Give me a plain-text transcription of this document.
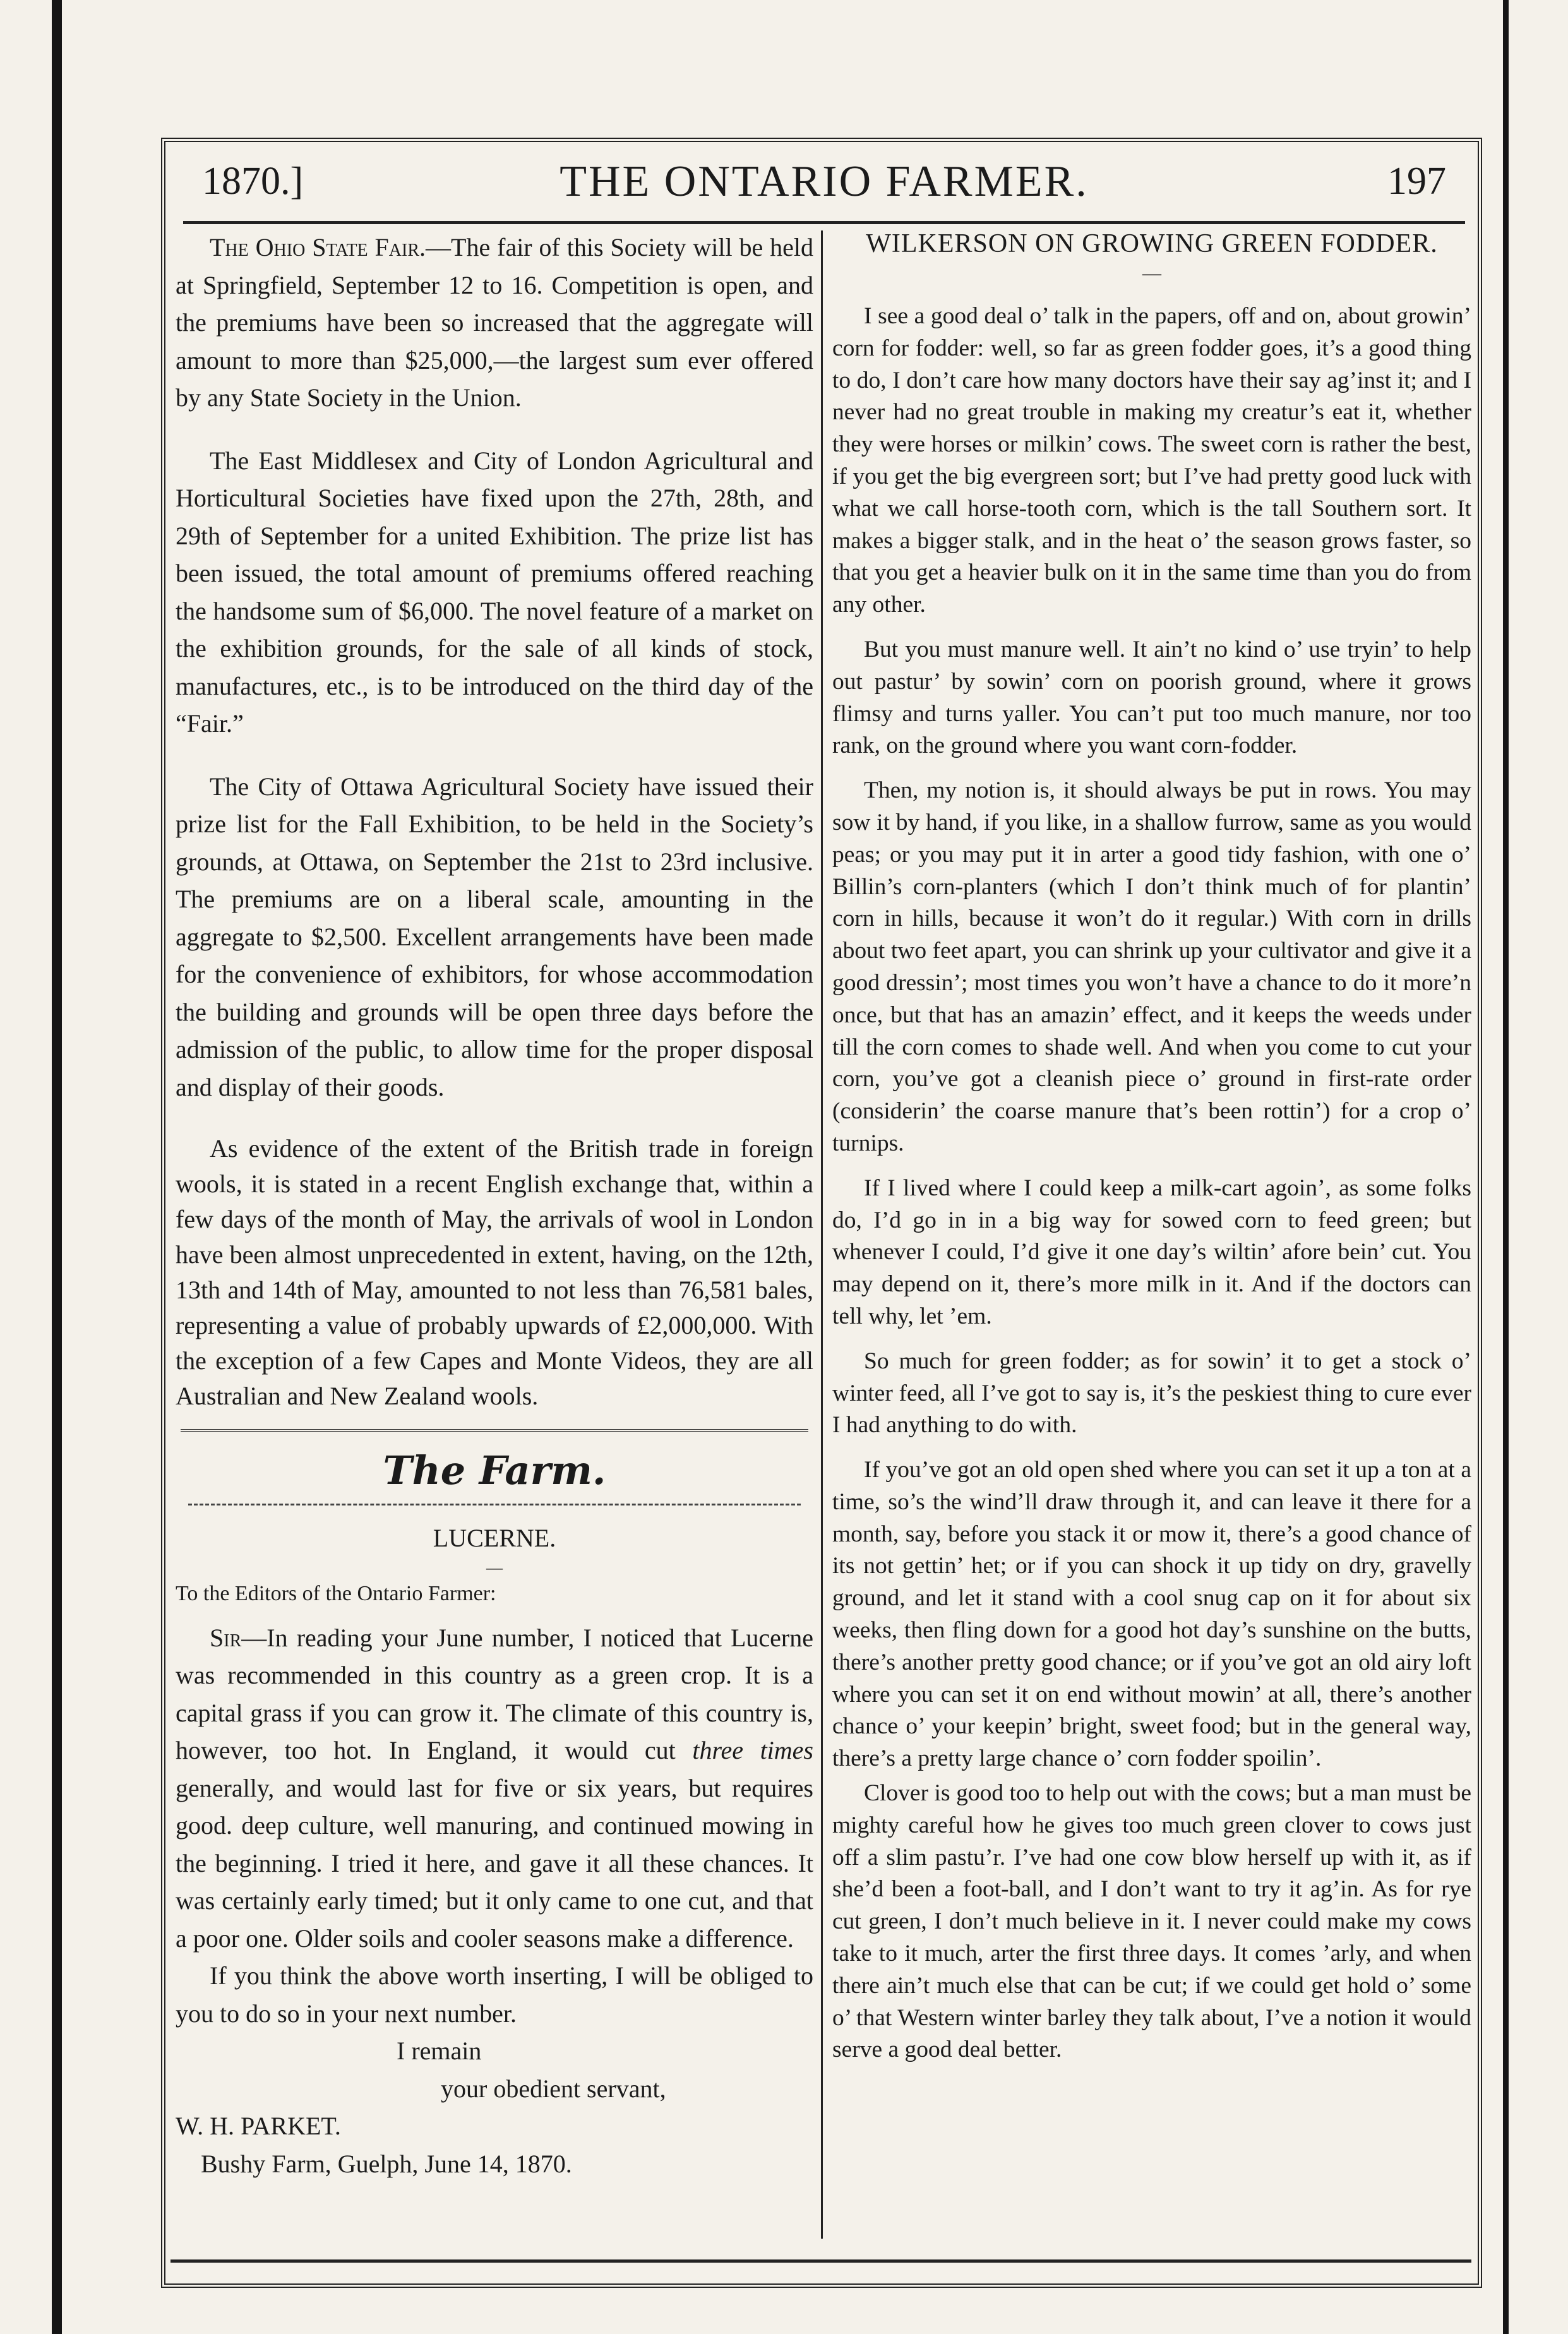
1870.]	THE ONTARIO FARMER.	197

The Ohio State Fair.—The fair of this Society will be held at Springfield, September 12 to 16. Competition is open, and the premiums have been so increased that the aggregate will amount to more than $25,000,—the largest sum ever offered by any State Society in the Union.

The East Middlesex and City of London Agricultural and Horticultural Societies have fixed upon the 27th, 28th, and 29th of September for a united Exhibition. The prize list has been issued, the total amount of premiums offered reaching the handsome sum of $6,000. The novel feature of a market on the exhibition grounds, for the sale of all kinds of stock, manufactures, etc., is to be introduced on the third day of the “Fair.”

The City of Ottawa Agricultural Society have issued their prize list for the Fall Exhibition, to be held in the Society’s grounds, at Ottawa, on September the 21st to 23rd inclusive. The premiums are on a liberal scale, amounting in the aggregate to $2,500. Excellent arrangements have been made for the convenience of exhibitors, for whose accommodation the building and grounds will be open three days before the admission of the public, to allow time for the proper disposal and display of their goods.

As evidence of the extent of the British trade in foreign wools, it is stated in a recent English exchange that, within a few days of the month of May, the arrivals of wool in London have been almost unprecedented in extent, having, on the 12th, 13th and 14th of May, amounted to not less than 76,581 bales, representing a value of probably upwards of £2,000,000. With the exception of a few Capes and Monte Videos, they are all Australian and New Zealand wools.

The Farm.

LUCERNE.

—

To the Editors of the Ontario Farmer:

Sir—In reading your June number, I noticed that Lucerne was recommended in this country as a green crop. It is a capital grass if you can grow it. The climate of this country is, however, too hot. In England, it would cut three times generally, and would last for five or six years, but requires good. deep culture, well manuring, and continued mowing in the beginning. I tried it here, and gave it all these chances. It was certainly early timed; but it only came to one cut, and that a poor one. Older soils and cooler seasons make a difference.

If you think the above worth inserting, I will be obliged to you to do so in your next number.

I remain

your obedient servant,

W. H. PARKET.

Bushy Farm, Guelph, June 14, 1870.

WILKERSON ON GROWING GREEN FODDER.
—

I see a good deal o’ talk in the papers, off and on, about growin’ corn for fodder: well, so far as green fodder goes, it’s a good thing to do, I don’t care how many doctors have their say ag’inst it; and I never had no great trouble in making my creatur’s eat it, whether they were horses or milkin’ cows. The sweet corn is rather the best, if you get the big evergreen sort; but I’ve had pretty good luck with what we call horse-tooth corn, which is the tall Southern sort. It makes a bigger stalk, and in the heat o’ the season grows faster, so that you get a heavier bulk on it in the same time than you do from any other.

But you must manure well. It ain’t no kind o’ use tryin’ to help out pastur’ by sowin’ corn on poorish ground, where it grows flimsy and turns yaller. You can’t put too much manure, nor too rank, on the ground where you want corn-fodder.

Then, my notion is, it should always be put in rows. You may sow it by hand, if you like, in a shallow furrow, same as you would peas; or you may put it in arter a good tidy fashion, with one o’ Billin’s corn-planters (which I don’t think much of for plantin’ corn in hills, because it won’t do it regular.) With corn in drills about two feet apart, you can shrink up your cultivator and give it a good dressin’; most times you won’t have a chance to do it more’n once, but that has an amazin’ effect, and it keeps the weeds under till the corn comes to shade well. And when you come to cut your corn, you’ve got a cleanish piece o’ ground in first-rate order (considerin’ the coarse manure that’s been rottin’) for a crop o’ turnips.

If I lived where I could keep a milk-cart agoin’, as some folks do, I’d go in in a big way for sowed corn to feed green; but whenever I could, I’d give it one day’s wiltin’ afore bein’ cut. You may depend on it, there’s more milk in it. And if the doctors can tell why, let ’em.

So much for green fodder; as for sowin’ it to get a stock o’ winter feed, all I’ve got to say is, it’s the peskiest thing to cure ever I had anything to do with.

If you’ve got an old open shed where you can set it up a ton at a time, so’s the wind’ll draw through it, and can leave it there for a month, say, before you stack it or mow it, there’s a good chance of its not gettin’ het; or if you can shock it up tidy on dry, gravelly ground, and let it stand with a cool snug cap on it for about six weeks, then fling down for a good hot day’s sunshine on the butts, there’s another pretty good chance; or if you’ve got an old airy loft where you can set it on end without mowin’ at all, there’s another chance o’ your keepin’ bright, sweet food; but in the general way, there’s a pretty large chance o’ corn fodder spoilin’.

Clover is good too to help out with the cows; but a man must be mighty careful how he gives too much green clover to cows just off a slim pastu’r. I’ve had one cow blow herself up with it, as if she’d been a foot-ball, and I don’t want to try it ag’in. As for rye cut green, I don’t much believe in it. I never could make my cows take to it much, arter the first three days. It comes ’arly, and when there ain’t much else that can be cut; if we could get hold o’ some o’ that Western winter barley they talk about, I’ve a notion it would serve a good deal better.
